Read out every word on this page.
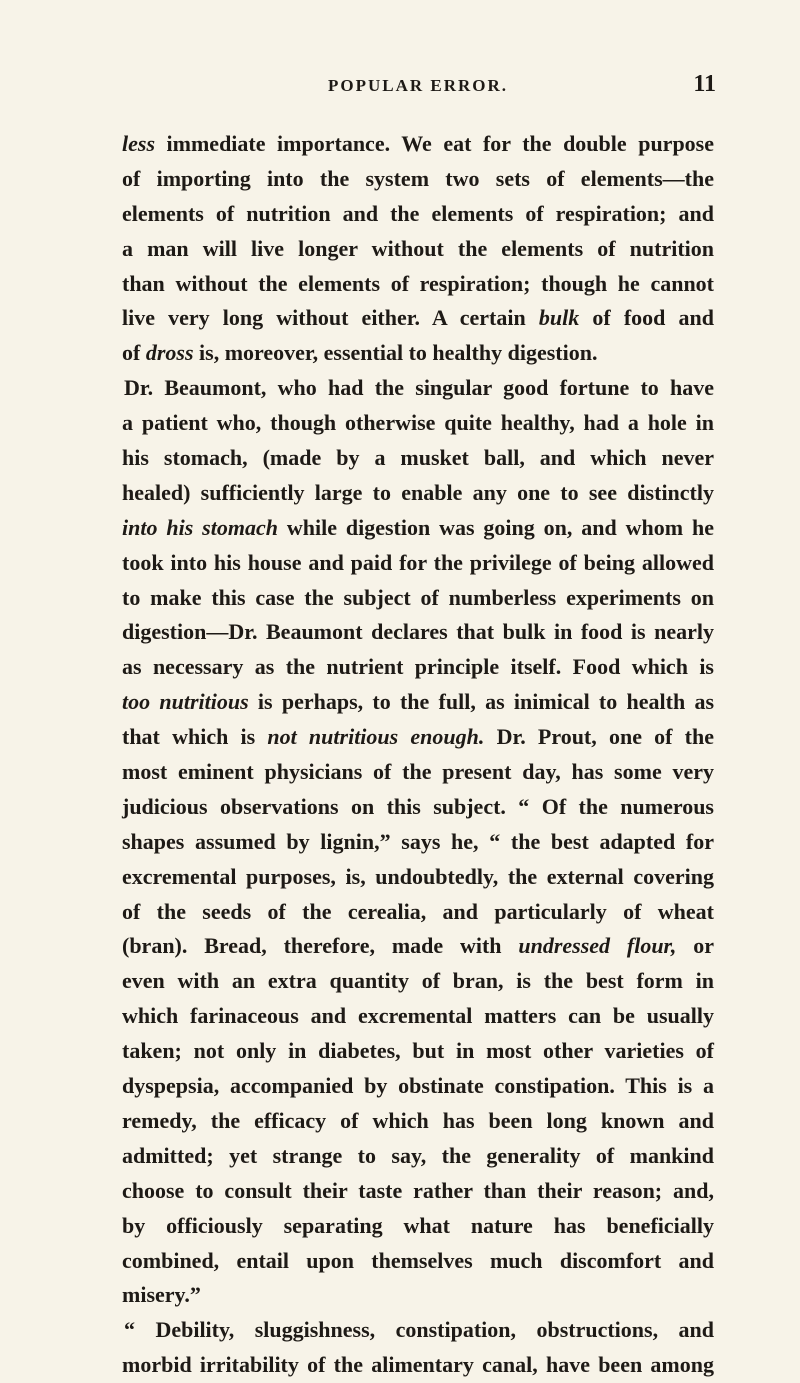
POPULAR ERROR.	11
less immediate importance. We eat for the double purpose
of importing into the system two sets of elements—the
elements of nutrition and the elements of respiration; and
a man will live longer without the elements of nutrition
than without the elements of respiration; though he cannot
live very long without either. A certain bulk of food and
of dross is, moreover, essential to healthy digestion.
Dr. Beaumont, who had the singular good fortune to have
a patient who, though otherwise quite healthy, had a hole in
his stomach, (made by a musket ball, and which never
healed) sufficiently large to enable any one to see distinctly
into his stomach while digestion was going on, and whom he
took into his house and paid for the privilege of being allowed
to make this case the subject of numberless experiments on
digestion—Dr. Beaumont declares that bulk in food is nearly
as necessary as the nutrient principle itself. Food which is
too nutritious is perhaps, to the full, as inimical to health as
that which is not nutritious enough. Dr. Prout, one of the
most eminent physicians of the present day, has some very
judicious observations on this subject. “ Of the numerous
shapes assumed by lignin,” says he, “ the best adapted for
excremental purposes, is, undoubtedly, the external covering
of the seeds of the cerealia, and particularly of wheat
(bran). Bread, therefore, made with undressed flour, or
even with an extra quantity of bran, is the best form in
which farinaceous and excremental matters can be usually
taken; not only in diabetes, but in most other varieties of
dyspepsia, accompanied by obstinate constipation. This is a
remedy, the efficacy of which has been long known and
admitted; yet strange to say, the generality of mankind
choose to consult their taste rather than their reason; and,
by officiously separating what nature has beneficially
combined, entail upon themselves much discomfort and
misery.”
“ Debility, sluggishness, constipation, obstructions, and
morbid irritability of the alimentary canal, have been among
